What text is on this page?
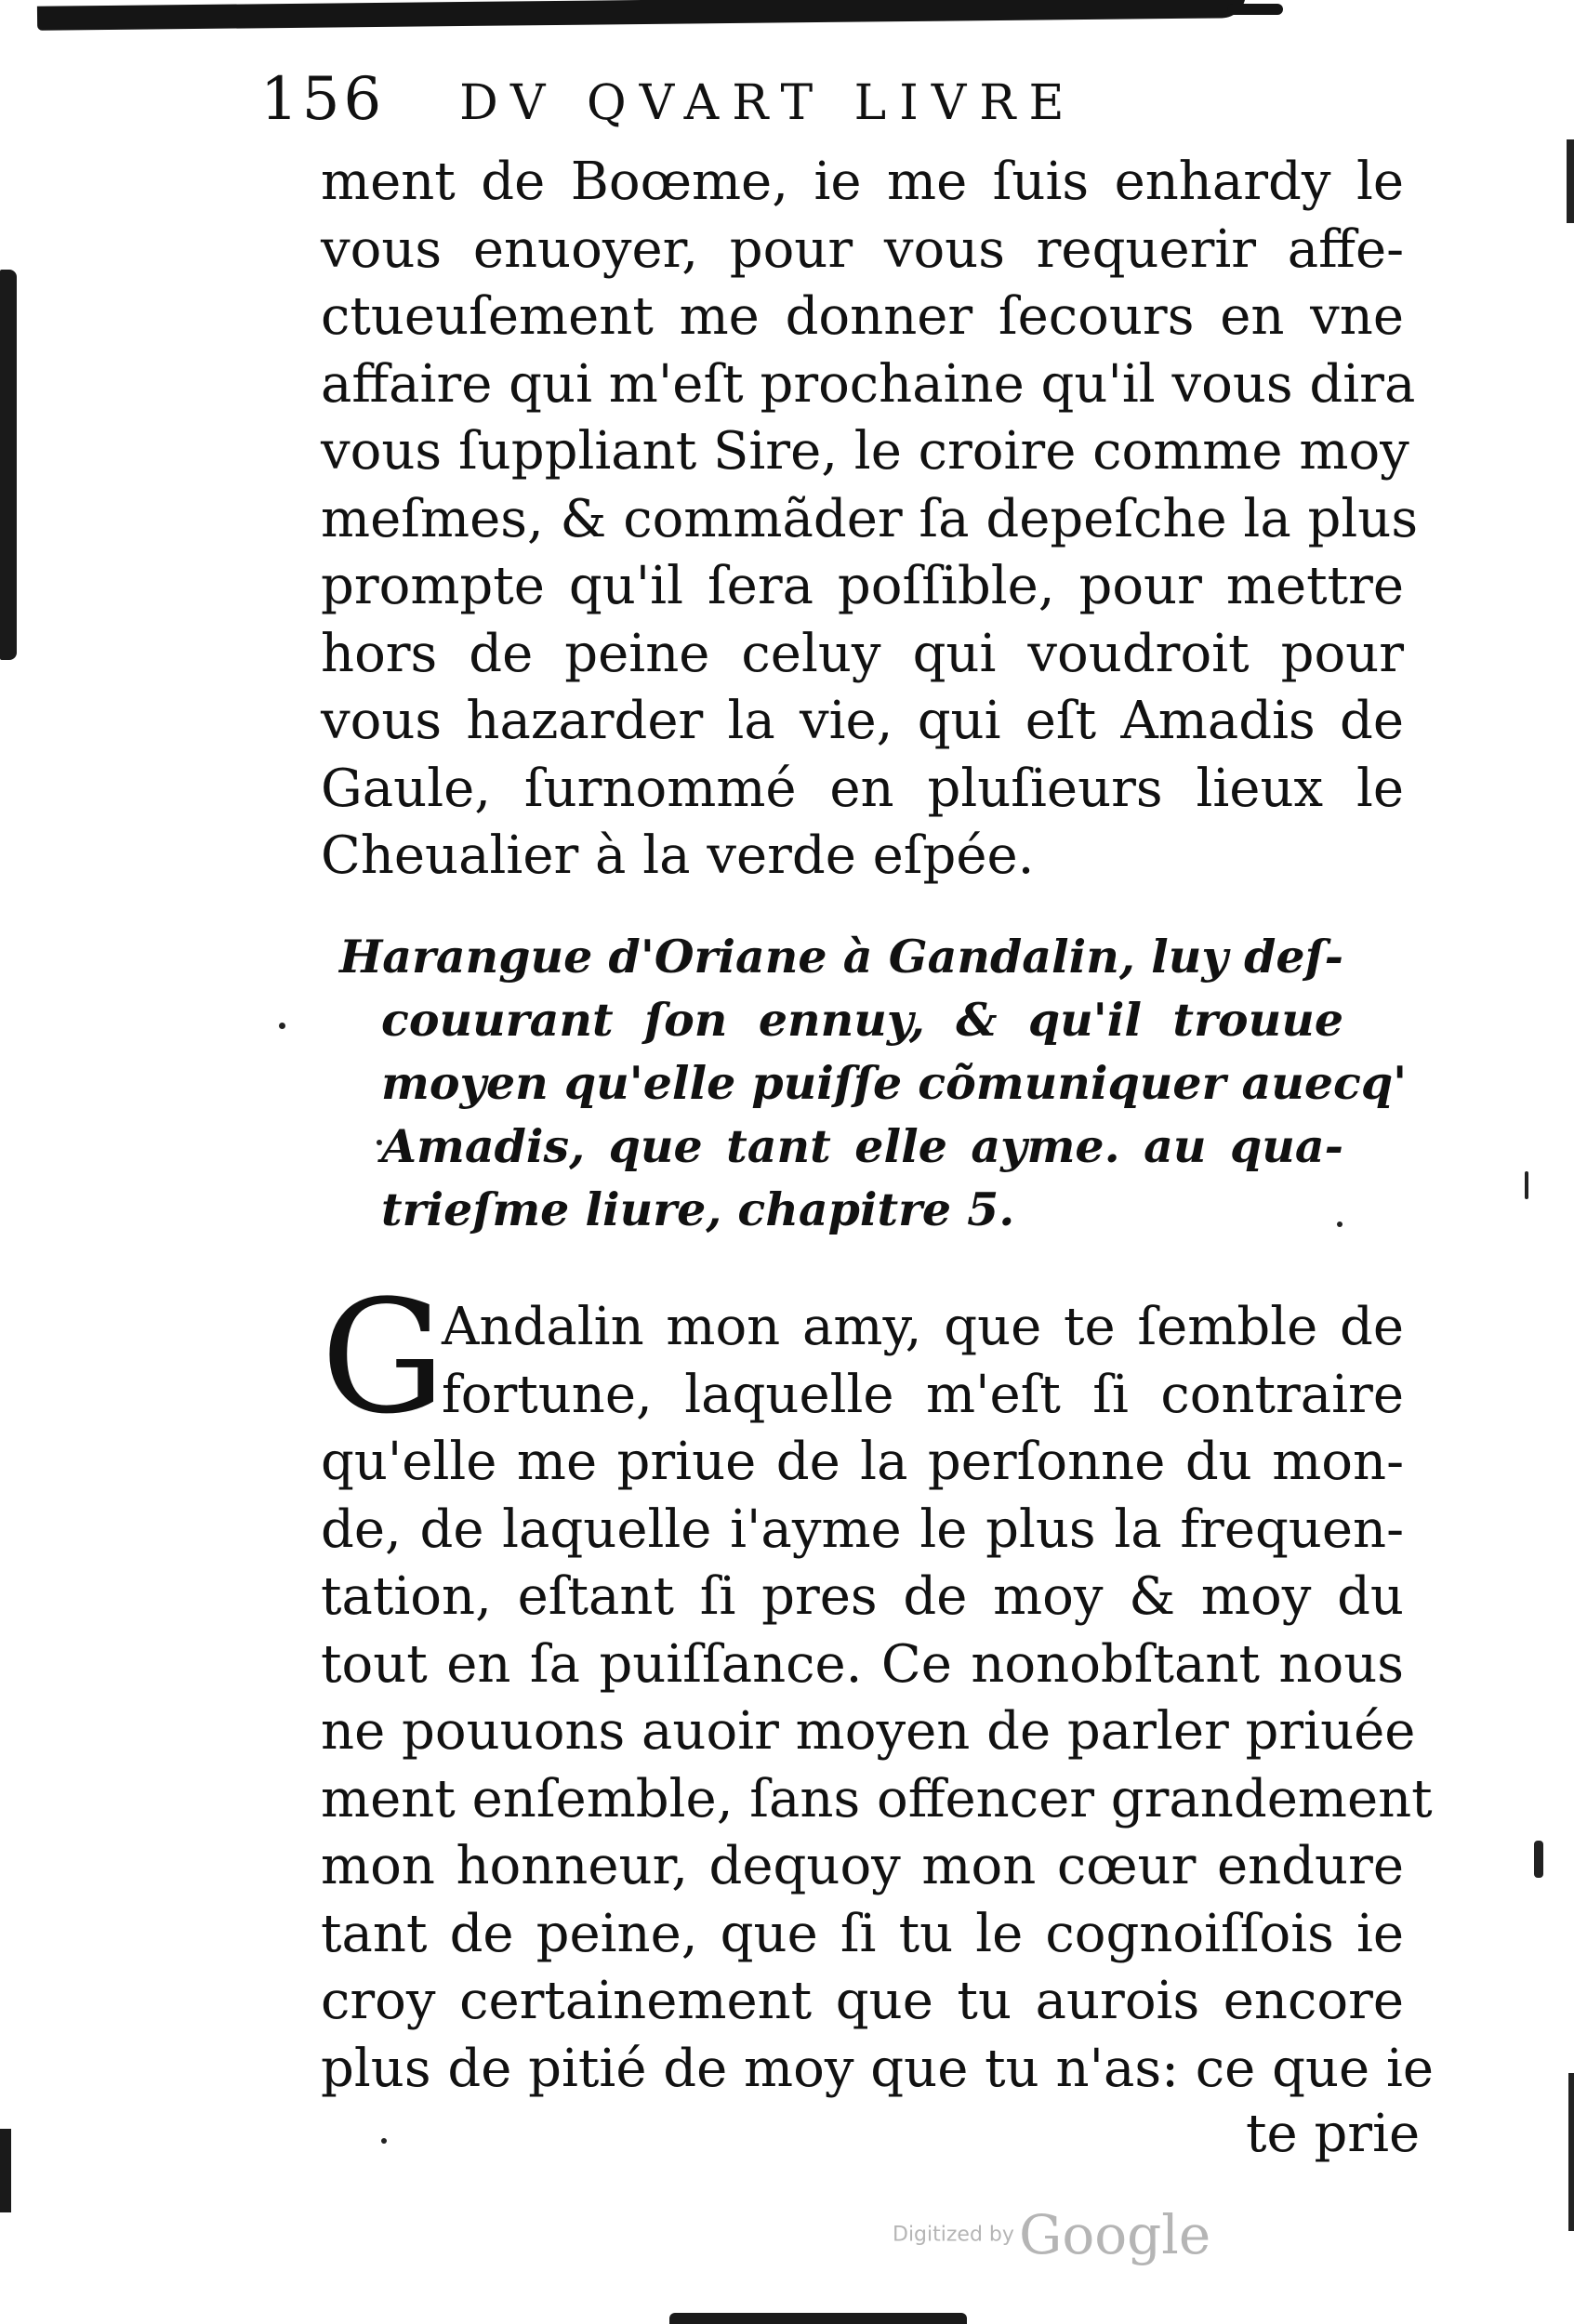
156 DV QVART LIVRE
ment de Boœme, ie me ſuis enhardy le
vous enuoyer, pour vous requerir affe-
ctueuſement me donner ſecours en vne
affaire qui m'eſt prochaine qu'il vous dira
vous ſuppliant Sire, le croire comme moy
meſmes, & commãder ſa depeſche la plus
prompte qu'il ſera poſſible, pour mettre
hors de peine celuy qui voudroit pour
vous hazarder la vie, qui eſt Amadis de
Gaule, ſurnommé en pluſieurs lieux le
Cheualier à la verde eſpée.
Harangue d'Oriane à Gandalin, luy deſ-
couurant ſon ennuy, & qu'il trouue
moyen qu'elle puiſſe cõmuniquer auecq'
Amadis, que tant elle ayme. au qua-
trieſme liure, chapitre 5.
G
Andalin mon amy, que te ſemble de
fortune, laquelle m'eſt ſi contraire
qu'elle me priue de la perſonne du mon-
de, de laquelle i'ayme le plus la frequen-
tation, eſtant ſi pres de moy & moy du
tout en ſa puiſſance. Ce nonobſtant nous
ne pouuons auoir moyen de parler priuée
ment enſemble, ſans offencer grandement
mon honneur, dequoy mon cœur endure
tant de peine, que ſi tu le cognoiſſois ie
croy certainement que tu aurois encore
plus de pitié de moy que tu n'as: ce que ie
te prie
Digitized by Google
